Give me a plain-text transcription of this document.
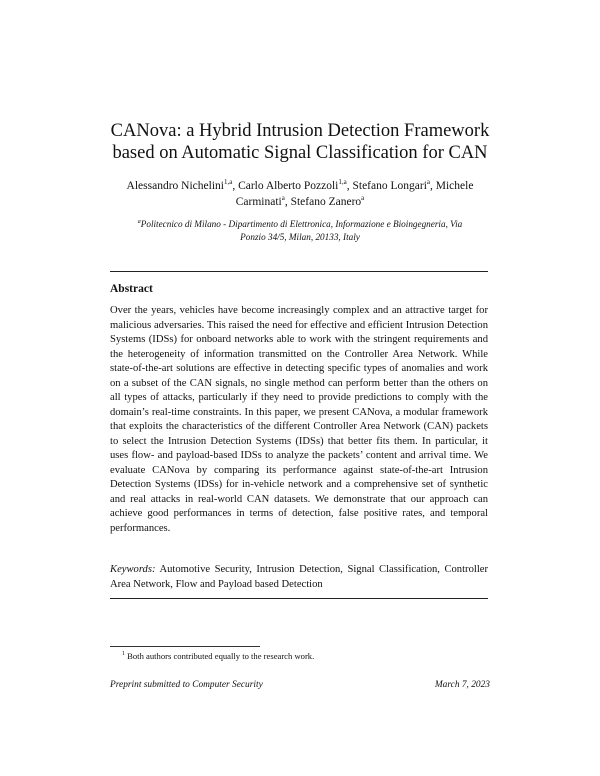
CANova: a Hybrid Intrusion Detection Framework
based on Automatic Signal Classification for CAN
Alessandro Nichelini$^{1,a}$, Carlo Alberto Pozzoli$^{1,a}$, Stefano Longari$^a$, Michele Carminati$^a$, Stefano Zanero$^a$
$^a$Politecnico di Milano - Dipartimento di Elettronica, Informazione e Bioingegneria, Via Ponzio 34/5, Milan, 20133, Italy
Abstract
Over the years, vehicles have become increasingly complex and an attractive target for malicious adversaries. This raised the need for effective and efficient Intrusion Detection Systems (IDSs) for onboard networks able to work with the stringent requirements and the heterogeneity of information transmitted on the Controller Area Network. While state-of-the-art solutions are effective in detecting specific types of anomalies and work on a subset of the CAN signals, no single method can perform better than the others on all types of attacks, particularly if they need to provide predictions to comply with the domain’s real-time constraints. In this paper, we present CANova, a modular framework that exploits the characteristics of the different Controller Area Network (CAN) packets to select the Intrusion Detection Systems (IDSs) that better fits them. In particular, it uses flow- and payload-based IDSs to analyze the packets’ content and arrival time. We evaluate CANova by comparing its performance against state-of-the-art Intrusion Detection Systems (IDSs) for in-vehicle network and a comprehensive set of synthetic and real attacks in real-world CAN datasets. We demonstrate that our approach can achieve good performances in terms of detection, false positive rates, and temporal performances.
Keywords: Automotive Security, Intrusion Detection, Signal Classification, Controller Area Network, Flow and Payload based Detection
$^1$ Both authors contributed equally to the research work.
Preprint submitted to Computer Security	March 7, 2023
